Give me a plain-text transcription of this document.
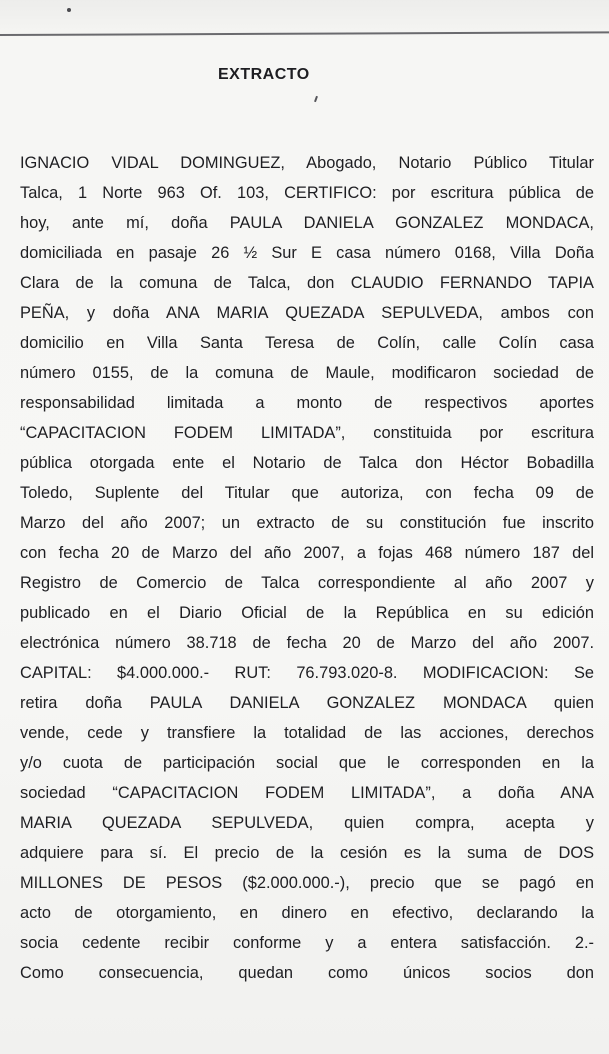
EXTRACTO
IGNACIO VIDAL DOMINGUEZ, Abogado, Notario Público Titular
Talca, 1 Norte 963 Of. 103, CERTIFICO: por escritura pública de
hoy, ante mí, doña PAULA DANIELA GONZALEZ MONDACA,
domiciliada en pasaje 26 ½ Sur E casa número 0168, Villa Doña
Clara de la comuna de Talca, don CLAUDIO FERNANDO TAPIA
PEÑA, y doña ANA MARIA QUEZADA SEPULVEDA, ambos con
domicilio en Villa Santa Teresa de Colín, calle Colín casa
número 0155, de la comuna de Maule, modificaron sociedad de
responsabilidad limitada a monto de respectivos aportes
“CAPACITACION FODEM LIMITADA”, constituida por escritura
pública otorgada ente el Notario de Talca don Héctor Bobadilla
Toledo, Suplente del Titular que autoriza, con fecha 09 de
Marzo del año 2007; un extracto de su constitución fue inscrito
con fecha 20 de Marzo del año 2007, a fojas 468 número 187 del
Registro de Comercio de Talca correspondiente al año 2007 y
publicado en el Diario Oficial de la República en su edición
electrónica número 38.718 de fecha 20 de Marzo del año 2007.
CAPITAL: $4.000.000.- RUT: 76.793.020-8. MODIFICACION: Se
retira doña PAULA DANIELA GONZALEZ MONDACA quien
vende, cede y transfiere la totalidad de las acciones, derechos
y/o cuota de participación social que le corresponden en la
sociedad “CAPACITACION FODEM LIMITADA”, a doña ANA
MARIA QUEZADA SEPULVEDA, quien compra, acepta y
adquiere para sí. El precio de la cesión es la suma de DOS
MILLONES DE PESOS ($2.000.000.-), precio que se pagó en
acto de otorgamiento, en dinero en efectivo, declarando la
socia cedente recibir conforme y a entera satisfacción. 2.-
Como consecuencia, quedan como únicos socios don
